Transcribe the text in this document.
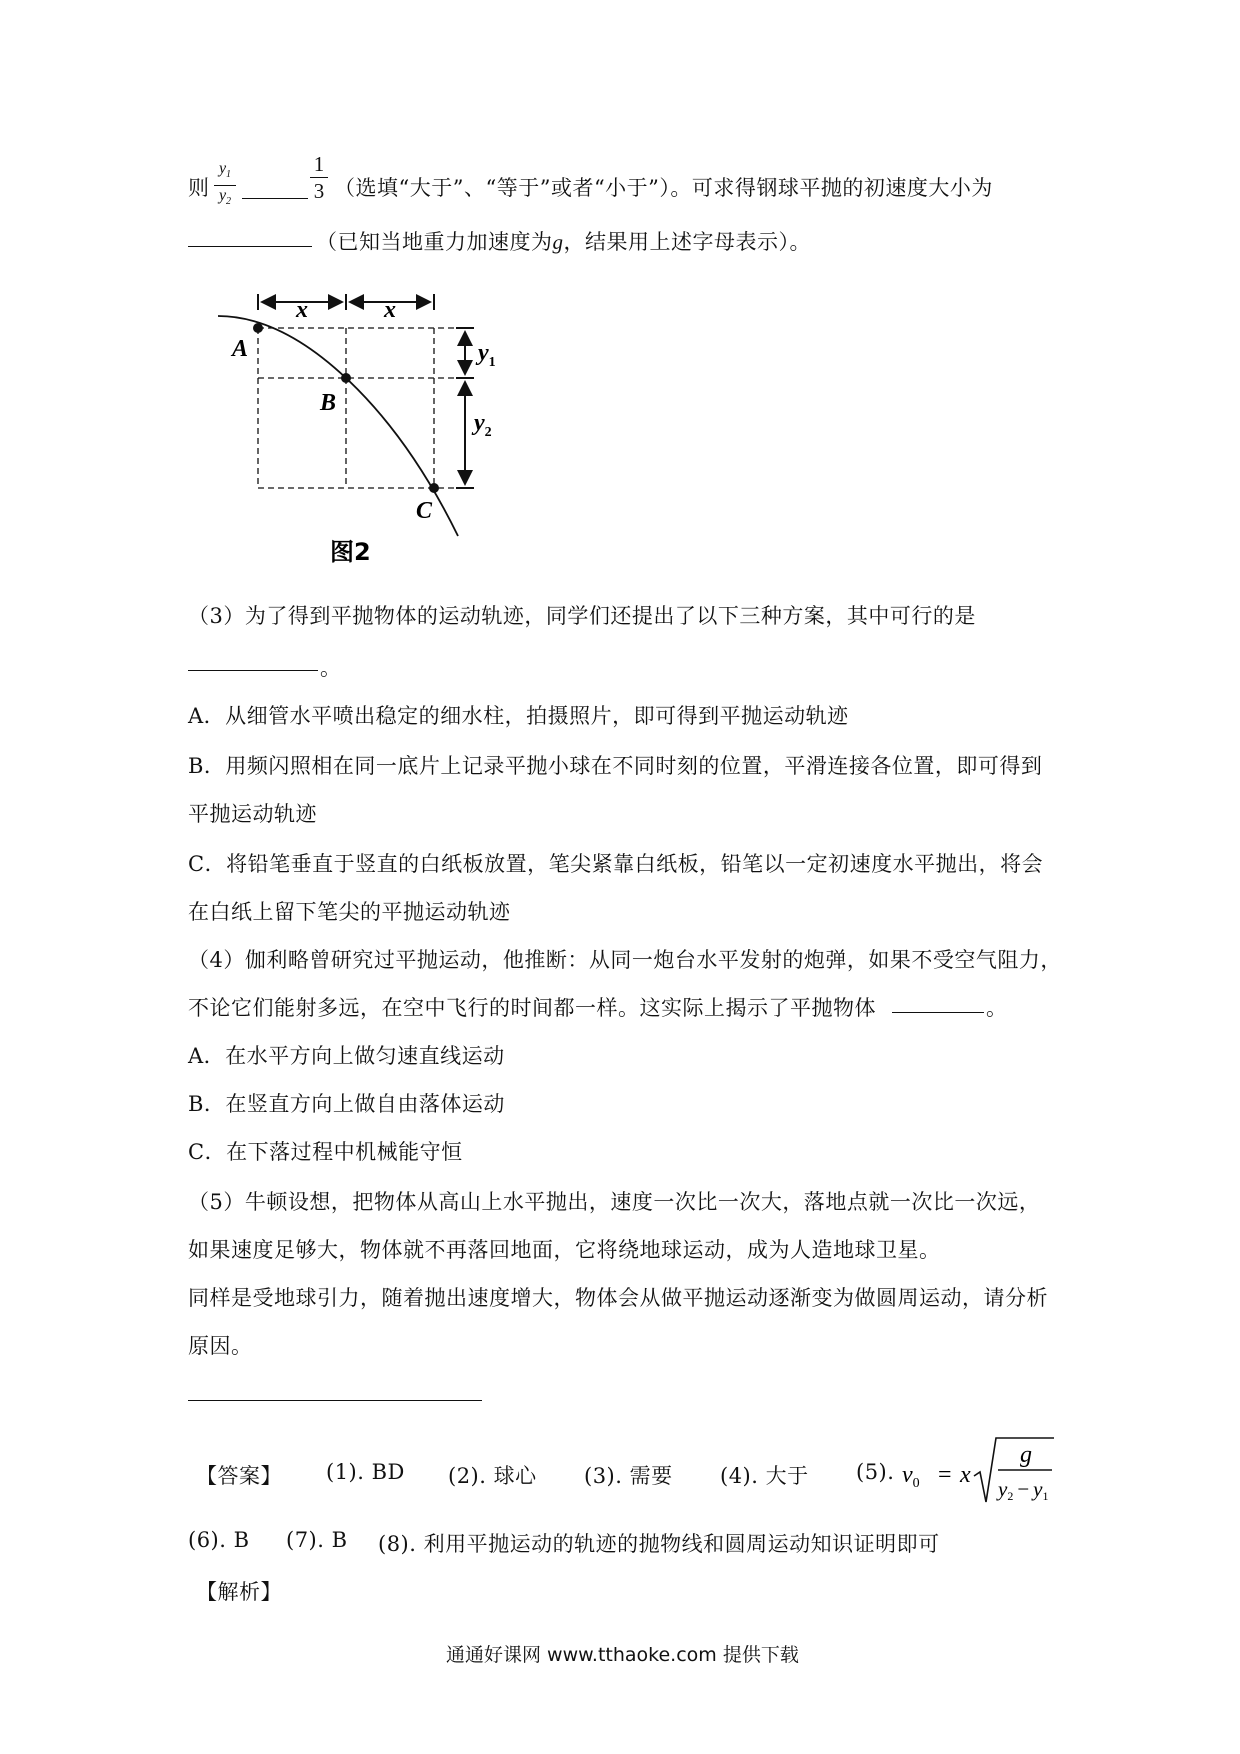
则
$y_1$
$y_2$
1
3 （选填“大于”、“等于”或者“小于”）。可求得钢球平抛的初速度大小为
（已知当地重力加速度为g，结果用上述字母表示）。
x	x
$y_1$
$y_2$
A
B
C
图2
（3）为了得到平抛物体的运动轨迹，同学们还提出了以下三种方案，其中可行的是
。
A．从细管水平喷出稳定的细水柱，拍摄照片，即可得到平抛运动轨迹
B．用频闪照相在同一底片上记录平抛小球在不同时刻的位置，平滑连接各位置，即可得到
平抛运动轨迹
C．将铅笔垂直于竖直的白纸板放置，笔尖紧靠白纸板，铅笔以一定初速度水平抛出，将会
在白纸上留下笔尖的平抛运动轨迹
（4）伽利略曾研究过平抛运动，他推断：从同一炮台水平发射的炮弹，如果不受空气阻力，
不论它们能射多远，在空中飞行的时间都一样。这实际上揭示了平抛物体	。
A．在水平方向上做匀速直线运动
B．在竖直方向上做自由落体运动
C．在下落过程中机械能守恒
（5）牛顿设想，把物体从高山上水平抛出，速度一次比一次大，落地点就一次比一次远，
如果速度足够大，物体就不再落回地面，它将绕地球运动，成为人造地球卫星。
同样是受地球引力，随着抛出速度增大，物体会从做平抛运动逐渐变为做圆周运动，请分析
原因。
【答案】 (1). BD (2). 球心 (3). 需要 (4). 大于 (5). $v_0 = x$
g
y2 − y1
(6). B (7). B (8). 利用平抛运动的轨迹的抛物线和圆周运动知识证明即可
【解析】
通通好课网 www.tthaoke.com 提供下载
